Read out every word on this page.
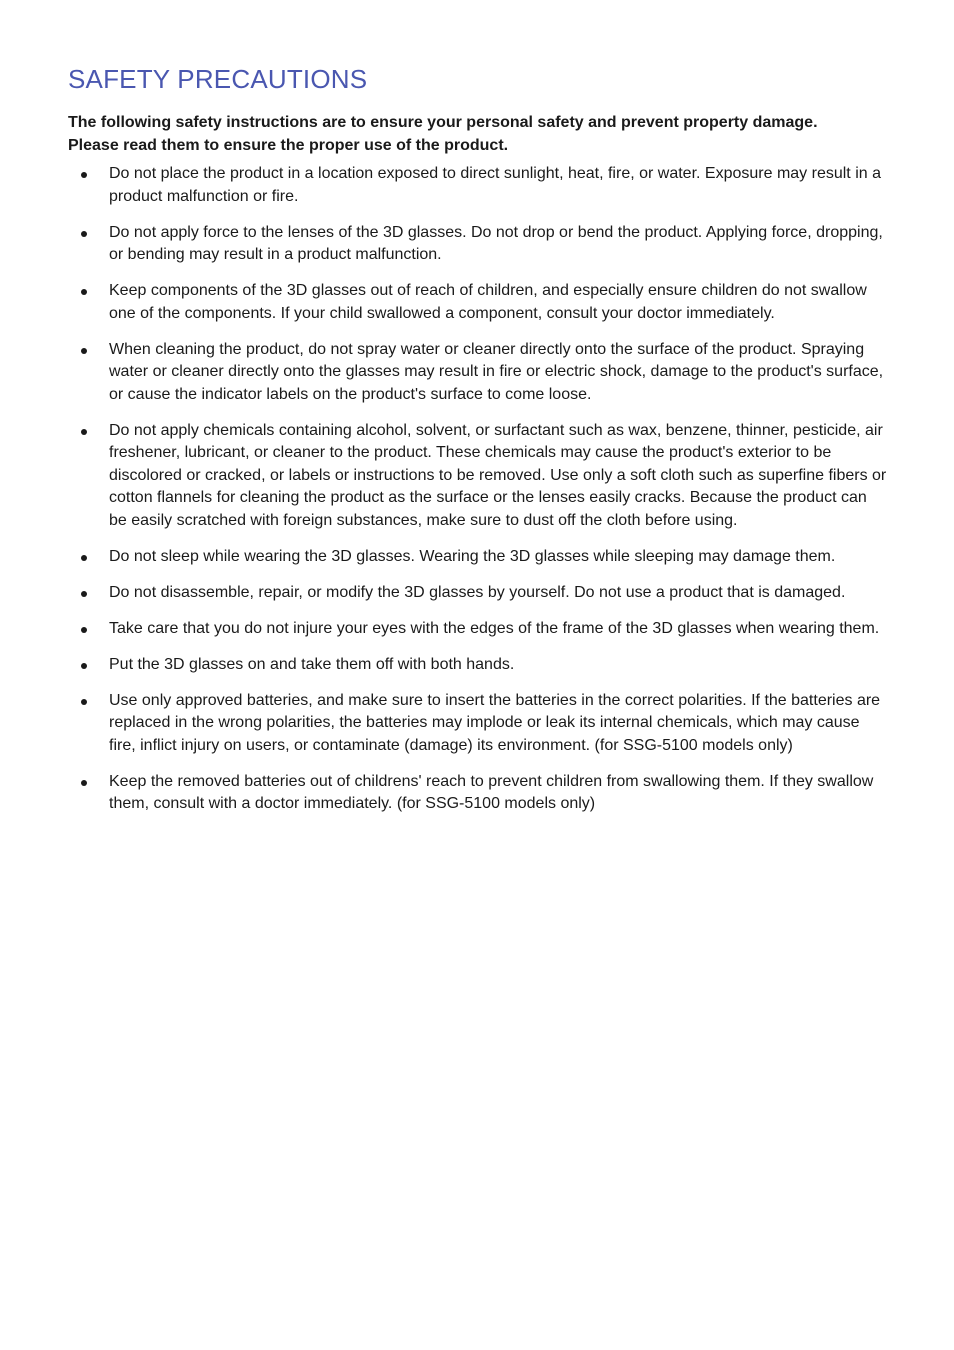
SAFETY PRECAUTIONS

The following safety instructions are to ensure your personal safety and prevent property damage.
Please read them to ensure the proper use of the product.

Do not place the product in a location exposed to direct sunlight, heat, fire, or water. Exposure may result in a product malfunction or fire.
Do not apply force to the lenses of the 3D glasses. Do not drop or bend the product. Applying force, dropping, or bending may result in a product malfunction.
Keep components of the 3D glasses out of reach of children, and especially ensure children do not swallow one of the components. If your child swallowed a component, consult your doctor immediately.
When cleaning the product, do not spray water or cleaner directly onto the surface of the product. Spraying water or cleaner directly onto the glasses may result in fire or electric shock, damage to the product's surface, or cause the indicator labels on the product's surface to come loose.
Do not apply chemicals containing alcohol, solvent, or surfactant such as wax, benzene, thinner, pesticide, air freshener, lubricant, or cleaner to the product. These chemicals may cause the product's exterior to be discolored or cracked, or labels or instructions to be removed. Use only a soft cloth such as superfine fibers or cotton flannels for cleaning the product as the surface or the lenses easily cracks. Because the product can be easily scratched with foreign substances, make sure to dust off the cloth before using.
Do not sleep while wearing the 3D glasses. Wearing the 3D glasses while sleeping may damage them.
Do not disassemble, repair, or modify the 3D glasses by yourself. Do not use a product that is damaged.
Take care that you do not injure your eyes with the edges of the frame of the 3D glasses when wearing them.
Put the 3D glasses on and take them off with both hands.
Use only approved batteries, and make sure to insert the batteries in the correct polarities. If the batteries are replaced in the wrong polarities, the batteries may implode or leak its internal chemicals, which may cause fire, inflict injury on users, or contaminate (damage) its environment. (for SSG-5100 models only)
Keep the removed batteries out of childrens' reach to prevent children from swallowing them. If they swallow them, consult with a doctor immediately. (for SSG-5100 models only)
